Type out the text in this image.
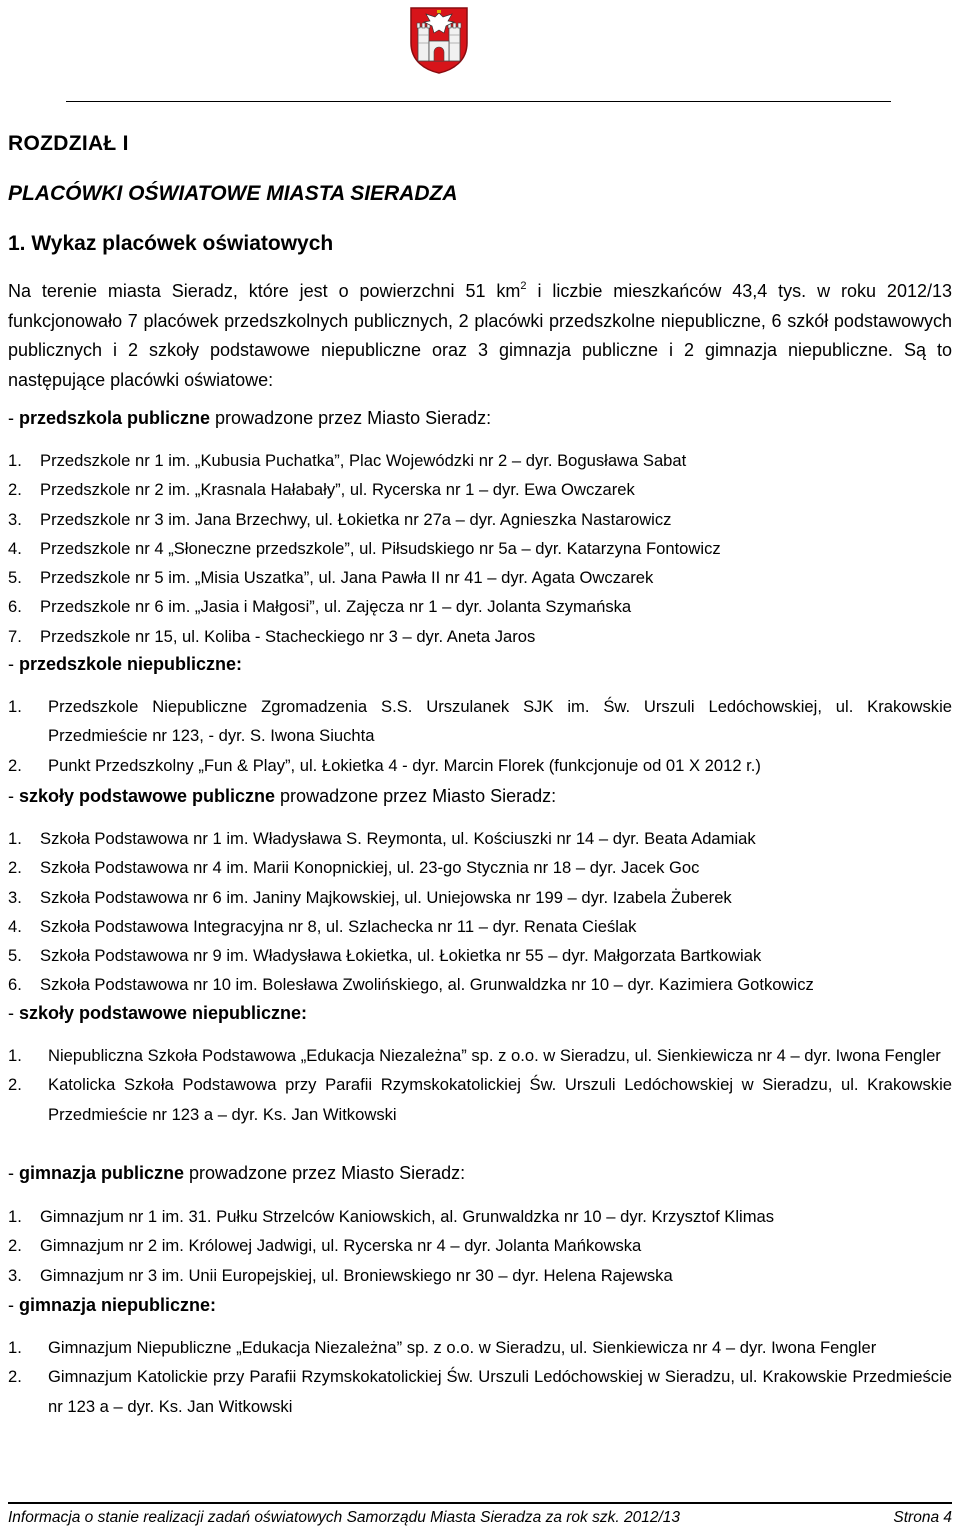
ROZDZIAŁ I
PLACÓWKI OŚWIATOWE MIASTA SIERADZA
1. Wykaz placówek oświatowych
Na terenie miasta Sieradz, które jest o powierzchni 51 $km^2$ i liczbie mieszkańców 43,4 tys. w roku 2012/13 funkcjonowało 7 placówek przedszkolnych publicznych, 2 placówki przedszkolne niepubliczne, 6 szkół podstawowych publicznych i 2 szkoły podstawowe niepubliczne oraz 3 gimnazja publiczne i 2 gimnazja niepubliczne. Są to następujące placówki oświatowe:
- przedszkola publiczne prowadzone przez Miasto Sieradz:
1. Przedszkole nr 1 im. „Kubusia Puchatka”, Plac Wojewódzki nr 2 – dyr. Bogusława Sabat
2. Przedszkole nr 2 im. „Krasnala Hałabały”, ul. Rycerska nr 1 – dyr. Ewa Owczarek
3. Przedszkole nr 3 im. Jana Brzechwy, ul. Łokietka nr 27a – dyr. Agnieszka Nastarowicz
4. Przedszkole nr 4 „Słoneczne przedszkole”, ul. Piłsudskiego nr 5a – dyr. Katarzyna Fontowicz
5. Przedszkole nr 5 im. „Misia Uszatka”, ul. Jana Pawła II nr 41 – dyr. Agata Owczarek
6. Przedszkole nr 6 im. „Jasia i Małgosi”, ul. Zajęcza nr 1 – dyr. Jolanta Szymańska
7. Przedszkole nr 15, ul. Koliba - Stacheckiego nr 3 – dyr. Aneta Jaros
- przedszkole niepubliczne:
1. Przedszkole Niepubliczne Zgromadzenia S.S. Urszulanek SJK im. Św. Urszuli Ledóchowskiej, ul. Krakowskie Przedmieście nr 123, - dyr. S. Iwona Siuchta
2. Punkt Przedszkolny „Fun & Play”, ul. Łokietka 4 - dyr. Marcin Florek (funkcjonuje od 01 X 2012 r.)
- szkoły podstawowe publiczne prowadzone przez Miasto Sieradz:
1. Szkoła Podstawowa nr 1 im. Władysława S. Reymonta, ul. Kościuszki nr 14 – dyr. Beata Adamiak
2. Szkoła Podstawowa nr 4 im. Marii Konopnickiej, ul. 23-go Stycznia nr 18 – dyr. Jacek Goc
3. Szkoła Podstawowa nr 6 im. Janiny Majkowskiej, ul. Uniejowska nr 199 – dyr. Izabela Żuberek
4. Szkoła Podstawowa Integracyjna nr 8, ul. Szlachecka nr 11 – dyr. Renata Cieślak
5. Szkoła Podstawowa nr 9 im. Władysława Łokietka, ul. Łokietka nr 55 – dyr. Małgorzata Bartkowiak
6. Szkoła Podstawowa nr 10 im. Bolesława Zwolińskiego, al. Grunwaldzka nr 10 – dyr. Kazimiera Gotkowicz
- szkoły podstawowe niepubliczne:
1. Niepubliczna Szkoła Podstawowa „Edukacja Niezależna” sp. z o.o. w Sieradzu, ul. Sienkiewicza nr 4 – dyr. Iwona Fengler
2. Katolicka Szkoła Podstawowa przy Parafii Rzymskokatolickiej Św. Urszuli Ledóchowskiej w Sieradzu, ul. Krakowskie Przedmieście nr 123 a – dyr. Ks. Jan Witkowski
- gimnazja publiczne prowadzone przez Miasto Sieradz:
1. Gimnazjum nr 1 im. 31. Pułku Strzelców Kaniowskich, al. Grunwaldzka nr 10 – dyr. Krzysztof Klimas
2. Gimnazjum nr 2 im. Królowej Jadwigi, ul. Rycerska nr 4 – dyr. Jolanta Mańkowska
3. Gimnazjum nr 3 im. Unii Europejskiej, ul. Broniewskiego nr 30 – dyr. Helena Rajewska
- gimnazja niepubliczne:
1. Gimnazjum Niepubliczne „Edukacja Niezależna” sp. z o.o. w Sieradzu, ul. Sienkiewicza nr 4 – dyr. Iwona Fengler
2. Gimnazjum Katolickie przy Parafii Rzymskokatolickiej Św. Urszuli Ledóchowskiej w Sieradzu, ul. Krakowskie Przedmieście nr 123 a – dyr. Ks. Jan Witkowski
Informacja o stanie realizacji zadań oświatowych Samorządu Miasta Sieradza za rok szk. 2012/13	Strona 4
